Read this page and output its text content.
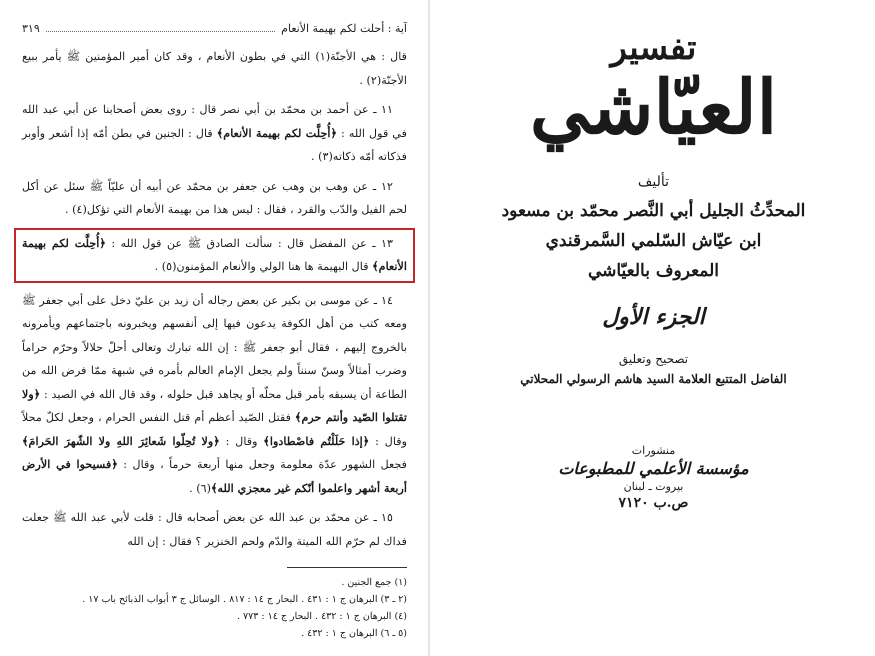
آية : أحلت لكم بهيمة الأنعام
٣١٩

قال : هي الأجنّة(١) التي في بطون الأنعام ، وقد كان أمير المؤمنين ﷺ يأمر ببيع الأجنّة(٢) .

١١ ـ عن أحمد بن محمّد بن أبي نصر قال : روى بعض أصحابنا عن أبي عبد الله في قول الله : ﴿أُحِلَّت لكم بهيمة الأنعام﴾ قال : الجنين في بطن أمّه إذا أشعر وأوبر فذكاته أمّه ذكاته(٣) .

١٢ ـ عن وهب بن وهب عن جعفر بن محمّد عن أبيه أن عليّاً ﷺ سئل عن أكل لحم الفيل والدّب والقرد ، فقال : ليس هذا من بهيمة الأنعام التي تؤكل(٤) .

١٣ ـ عن المفضل قال : سألت الصادق ﷺ عن قول الله : ﴿أُحِلَّت لكم بهيمة الأنعام﴾ قال البهيمة ها هنا الولي والأنعام المؤمنون(٥) .

١٤ ـ عن موسى بن بكير عن بعض رجاله أن زيد بن عليّ دخل على أبي جعفر ﷺ ومعه كتب من أهل الكوفة يدعون فيها إلى أنفسهم ويخبرونه باجتماعهم ويأمرونه بالخروج إليهم ، فقال أبو جعفر ﷺ : إن الله تبارك وتعالى أحلّ حلالاً وحرّم حراماً وضرب أمثالاً وسنّ سنناً ولم يجعل الإمام العالم بأمره في شبهة ممّا فرض الله من الطاعة أن يسبقه بأمر قبل محلّه أو يجاهد قبل حلوله ، وقد قال الله في الصيد : ﴿ولا تقتلوا الصّيد وأنتم حرم﴾ فقتل الصّيد أعظم أم قتل النفس الحرام ، وجعل لكلّ محلاً وقال : ﴿إذا حَلَلْتُم فاصْطادوا﴾ وقال : ﴿ولا تُحِلّوا شَعائِرَ اللهِ ولا الشّهرَ الحَرامَ﴾ فجعل الشهور عدّة معلومة وجعل منها أربعة حرماً ، وقال : ﴿فسيحوا في الأرض أربعة أشهر واعلموا أنّكم غير معجزي الله﴾(٦) .

١٥ ـ عن محمّد بن عبد الله عن بعض أصحابه قال : قلت لأبي عبد الله ﷺ جعلت فداك لم حرّم الله الميتة والدّم ولحم الخنزير ؟ فقال : إن الله

(١) جمع الجنين .
(٢ ـ ٣) البرهان ج ١ : ٤٣١ . البحار ج ١٤ : ٨١٧ . الوسائل ج ٣ أبواب الذبائح باب ١٧ .
(٤) البرهان ج ١ : ٤٣٢ . البحار ج ١٤ : ٧٧٣ .
(٥ ـ ٦) البرهان ج ١ : ٤٣٢ .
تفسير
العيّاشي
تأليف
المحدِّثُ الجليل أبي النَّصر محمّد بن مسعود
ابن عيّاش السّلمي السَّمرقندي
المعروف بالعيّاشي
الجزء الأول
تصحيح وتعليق
الفاضل المتتبع العلامة السيد هاشم الرسولي المحلاتي
منشورات
مؤسسة الأعلمي للمطبوعات
بيروت ـ لبنان
ص.ب ٧١٢٠
